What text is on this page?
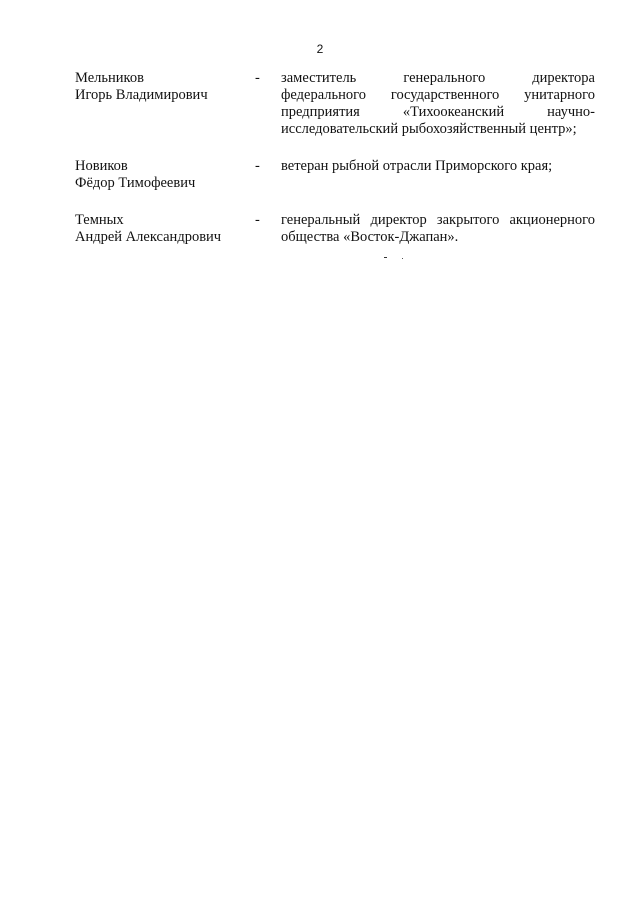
2
Мельников
Игорь Владимирович
-	заместитель генерального директора федерального государственного унитарного предприятия «Тихоокеанский научно-исследовательский рыбохозяйственный центр»;
Новиков
Фёдор Тимофеевич
-	ветеран рыбной отрасли Приморского края;
Темных
Андрей Александрович
-	генеральный директор закрытого акционерного общества «Восток-Джапан».
